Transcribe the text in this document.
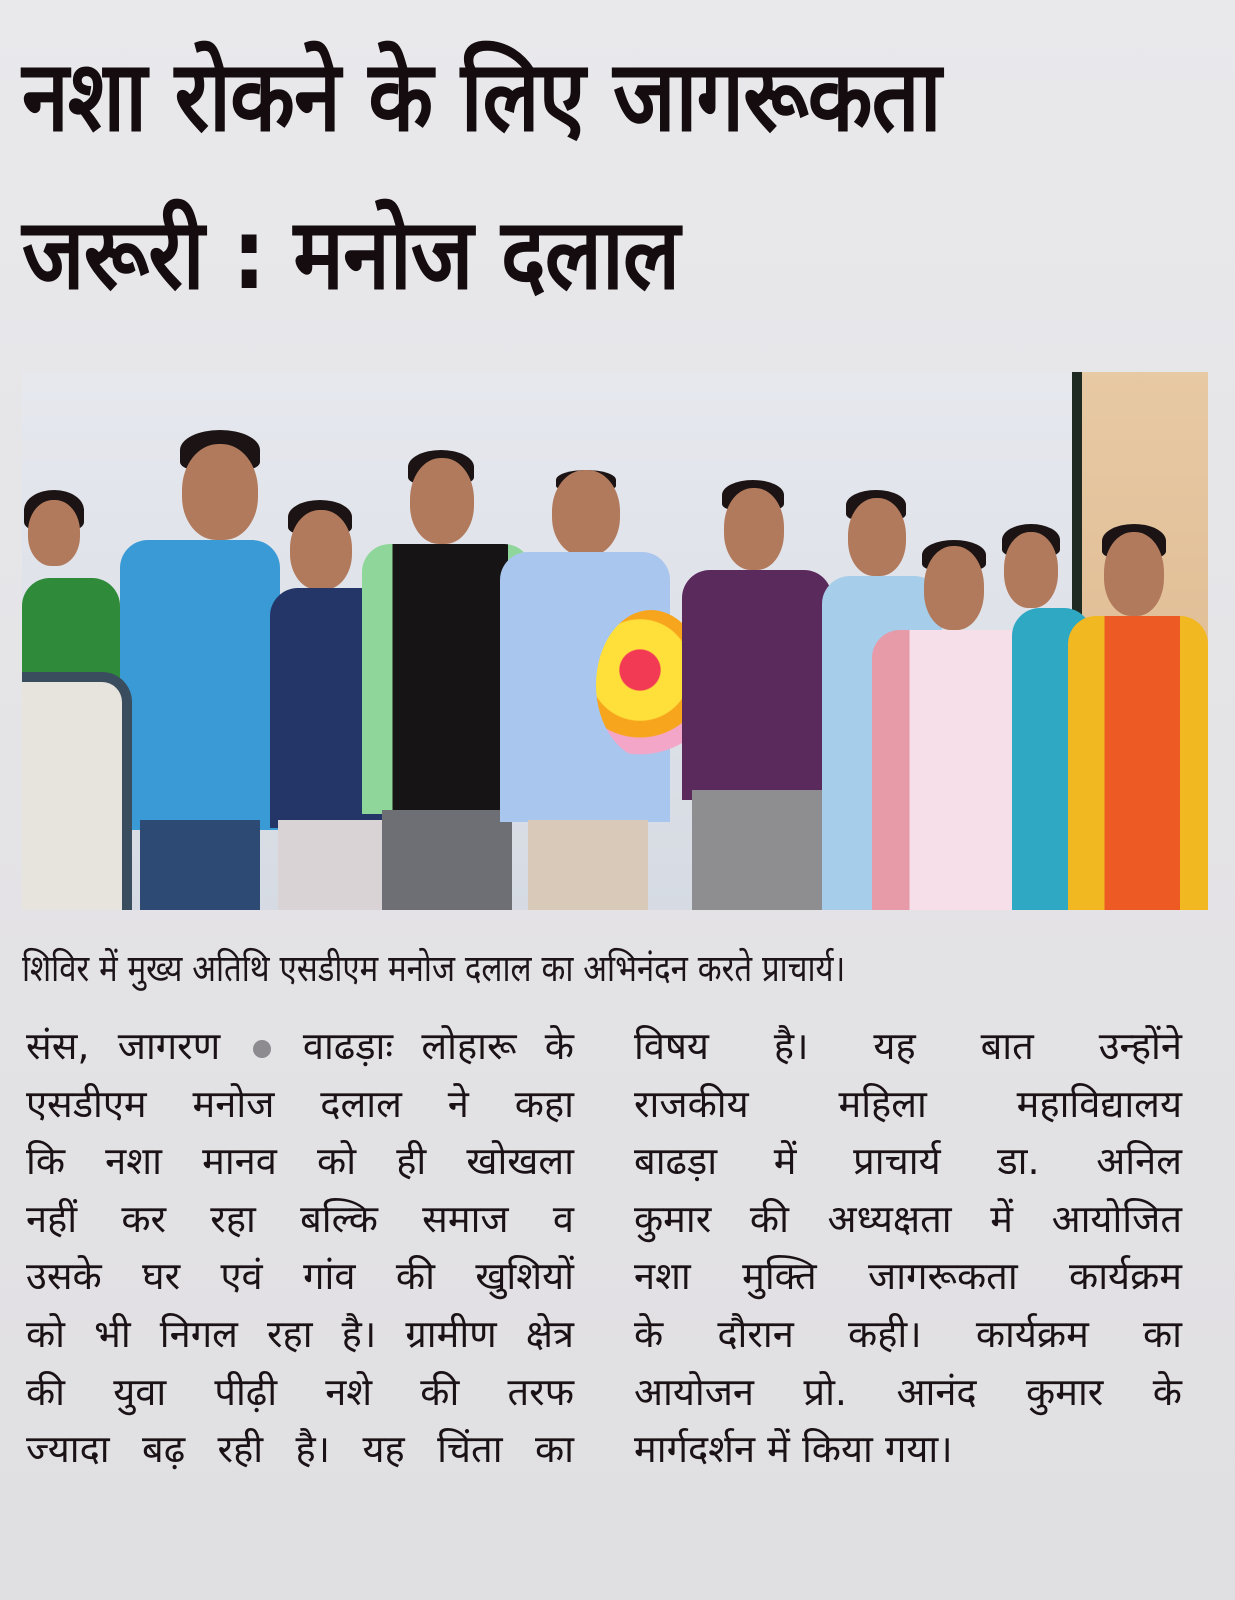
नशा रोकने के लिए जागरूकता
जरूरी : मनोज दलाल
शिविर में मुख्य अतिथि एसडीएम मनोज दलाल का अभिनंदन करते प्राचार्य।
संस, जागरण वाढड़ाः लोहारू के
एसडीएम मनोज दलाल ने कहा
कि नशा मानव को ही खोखला
नहीं कर रहा बल्कि समाज व
उसके घर एवं गांव की खुशियों
को भी निगल रहा है। ग्रामीण क्षेत्र
की युवा पीढ़ी नशे की तरफ
ज्यादा बढ़ रही है। यह चिंता का
विषय है। यह बात उन्होंने
राजकीय महिला महाविद्यालय
बाढड़ा में प्राचार्य डा. अनिल
कुमार की अध्यक्षता में आयोजित
नशा मुक्ति जागरूकता कार्यक्रम
के दौरान कही। कार्यक्रम का
आयोजन प्रो. आनंद कुमार के
मार्गदर्शन में किया गया।
